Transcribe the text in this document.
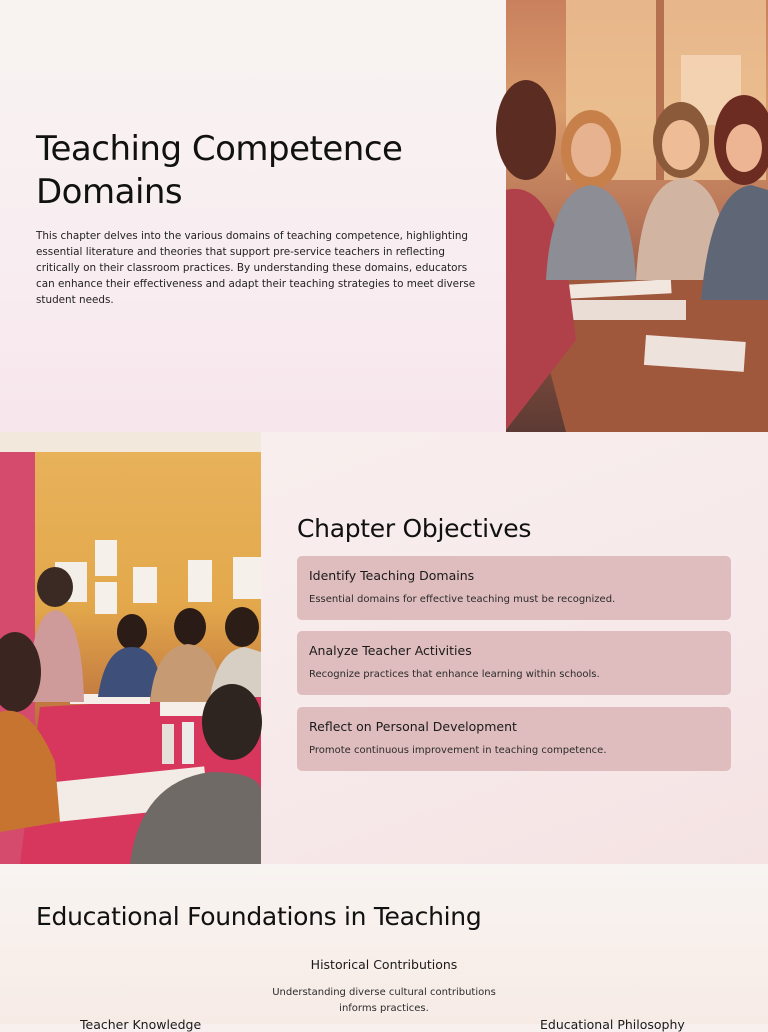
Teaching Competence Domains

This chapter delves into the various domains of teaching competence, highlighting essential literature and theories that support pre-service teachers in reflecting critically on their classroom practices. By understanding these domains, educators can enhance their effectiveness and adapt their teaching strategies to meet diverse student needs.

Chapter Objectives
Identify Teaching Domains
Essential domains for effective teaching must be recognized.
Analyze Teacher Activities
Recognize practices that enhance learning within schools.
Reflect on Personal Development
Promote continuous improvement in teaching competence.
Educational Foundations in Teaching
Historical Contributions
Understanding diverse cultural contributions informs practices.
Teacher Knowledge	Educational Philosophy
